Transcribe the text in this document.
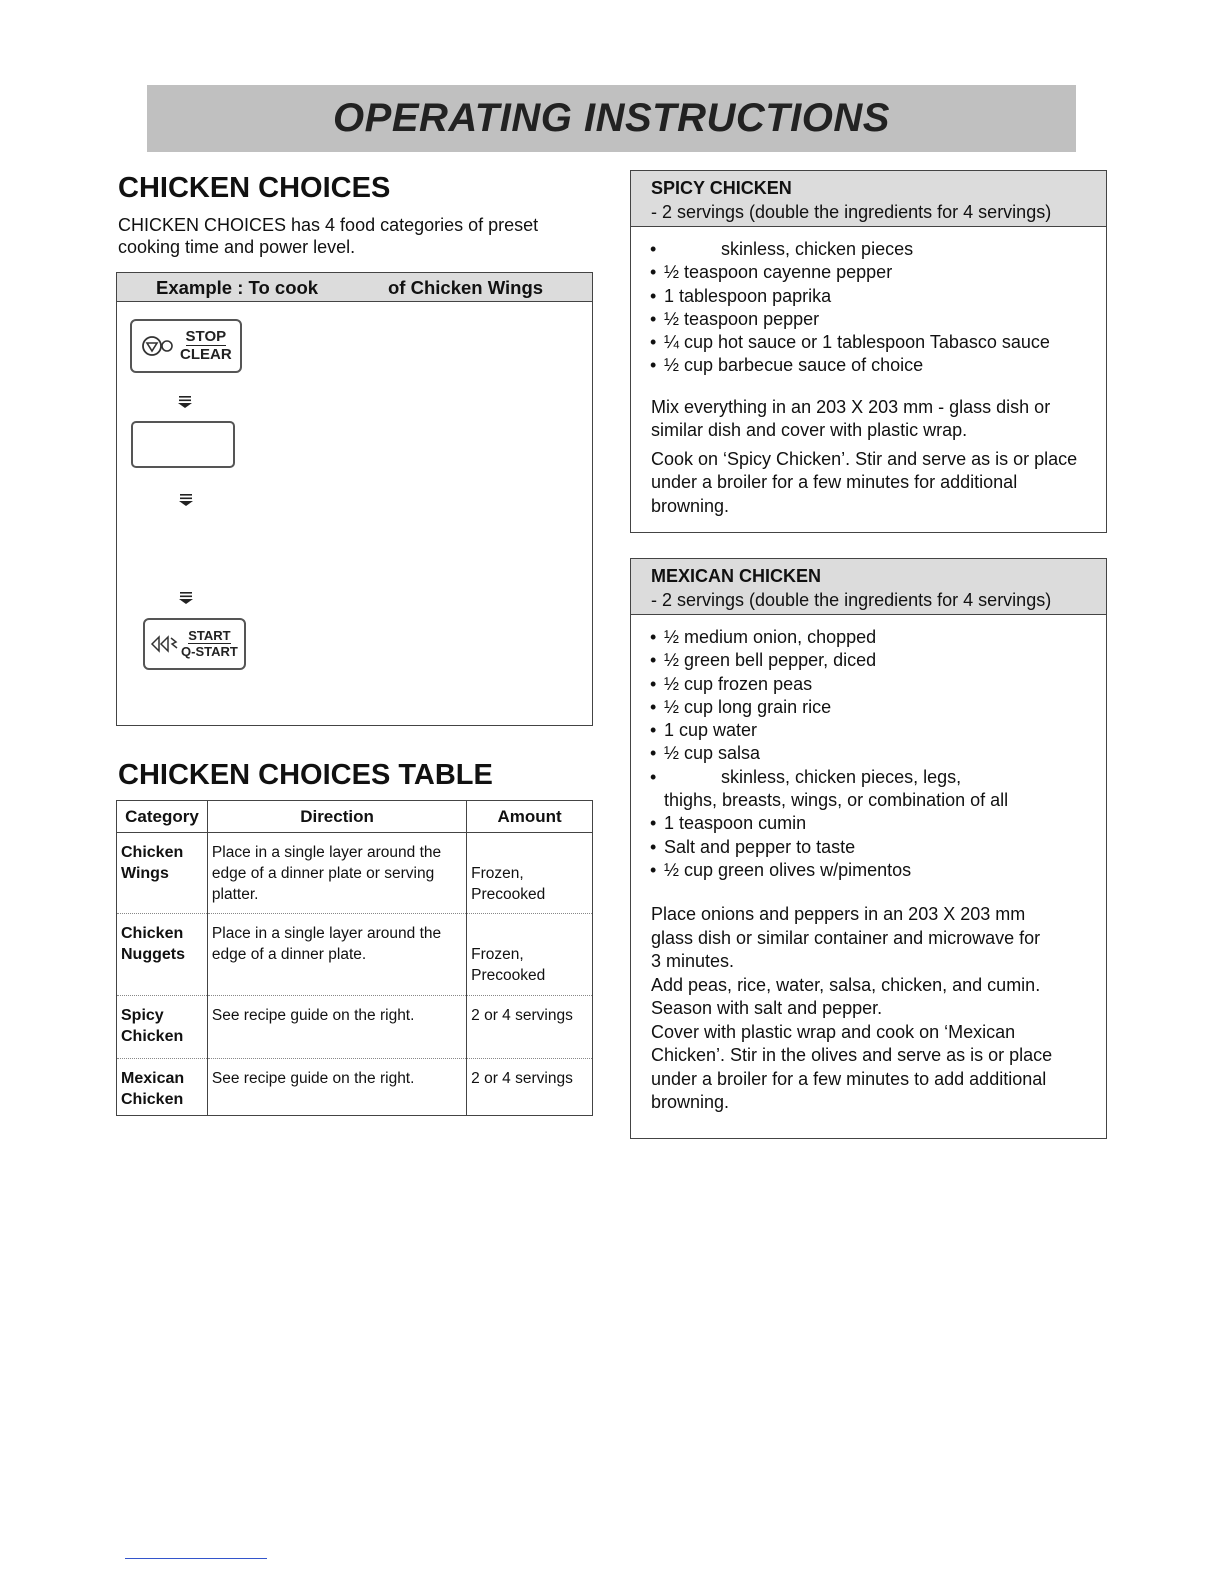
OPERATING INSTRUCTIONS
CHICKEN CHOICES
CHICKEN CHOICES has 4 food categories of preset cooking time and power level.
Example : To cook	of Chicken Wings
STOP
CLEAR
START
Q-START
CHICKEN CHOICES TABLE
Category	Direction	Amount
Chicken Wings	Place in a single layer around the edge of a dinner plate or serving platter.	Frozen, Precooked
Chicken Nuggets	Place in a single layer around the edge of a dinner plate.	Frozen, Precooked
Spicy Chicken	See recipe guide on the right.	2 or 4 servings
Mexican Chicken	See recipe guide on the right.	2 or 4 servings
SPICY CHICKEN
- 2 servings (double the ingredients for 4 servings)
• skinless, chicken pieces
• ½ teaspoon cayenne pepper
• 1 tablespoon paprika
• ½ teaspoon pepper
• ¼ cup hot sauce or 1 tablespoon Tabasco sauce
• ½ cup barbecue sauce of choice

Mix everything in an 203 X 203 mm - glass dish or similar dish and cover with plastic wrap.

Cook on ‘Spicy Chicken’. Stir and serve as is or place under a broiler for a few minutes for additional browning.

MEXICAN CHICKEN
- 2 servings (double the ingredients for 4 servings)
• ½ medium onion, chopped
• ½ green bell pepper, diced
• ½ cup frozen peas
• ½ cup long grain rice
• 1 cup water
• ½ cup salsa
• skinless, chicken pieces, legs,
thighs, breasts, wings, or combination of all
• 1 teaspoon cumin
• Salt and pepper to taste
• ½ cup green olives w/pimentos

Place onions and peppers in an 203 X 203 mm glass dish or similar container and microwave for 3 minutes.

Add peas, rice, water, salsa, chicken, and cumin. Season with salt and pepper.

Cover with plastic wrap and cook on ‘Mexican Chicken’. Stir in the olives and serve as is or place under a broiler for a few minutes to add additional browning.
